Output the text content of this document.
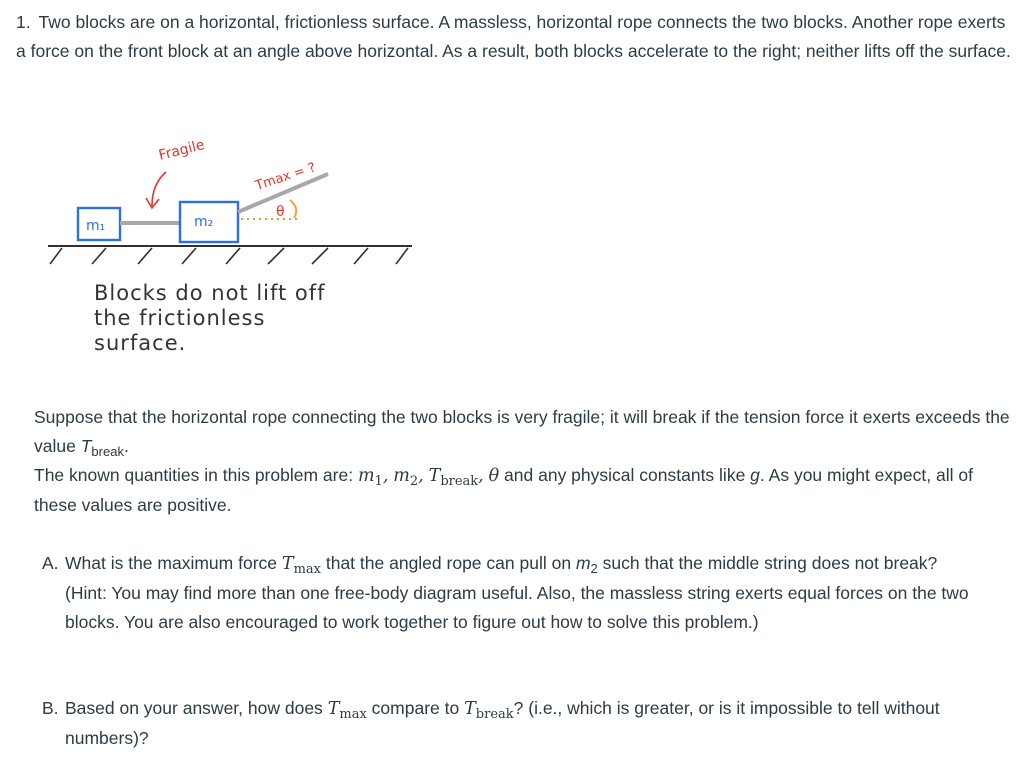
1. Two blocks are on a horizontal, frictionless surface. A massless, horizontal rope connects the two blocks. Another rope exerts a force on the front block at an angle above horizontal. As a result, both blocks accelerate to the right; neither lifts off the surface.
Fragile
Tmax = ?
m₁	m₂
θ
Blocks do not lift off
the frictionless
surface.

Suppose that the horizontal rope connecting the two blocks is very fragile; it will break if the tension force it exerts exceeds the value $T_{break}$.

The known quantities in this problem are: $m_1$, $m_2$, $T_{break}$, θ and any physical constants like g. As you might expect, all of these values are positive.

A. What is the maximum force $T_{max}$ that the angled rope can pull on $m_2$ such that the middle string does not break?
(Hint: You may find more than one free-body diagram useful. Also, the massless string exerts equal forces on the two blocks. You are also encouraged to work together to figure out how to solve this problem.)
B. Based on your answer, how does $T_{max}$ compare to $T_{break}$? (i.e., which is greater, or is it impossible to tell without numbers)?
